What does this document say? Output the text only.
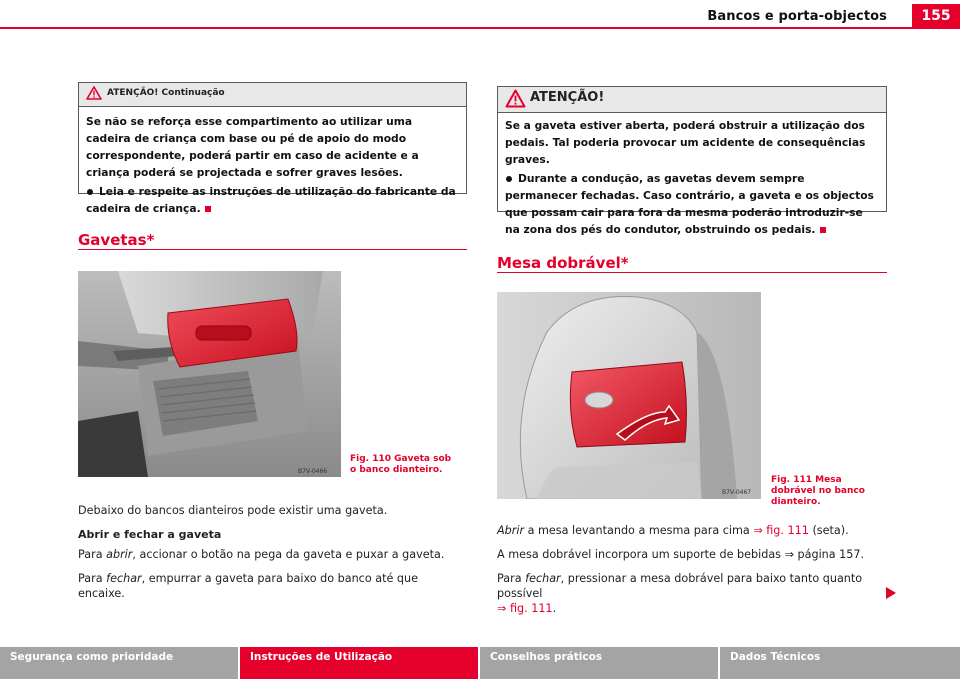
Bancos e porta-objectos	155
ATENÇÃO! Continuação

Se não se reforça esse compartimento ao utilizar uma cadeira de criança com base ou pé de apoio do modo correspondente, poderá partir em caso de acidente e a criança poderá se projectada e sofrer graves lesões.

Leia e respeite as instruções de utilização do fabricante da cadeira de criança.

Gavetas*
B7V-0466
Fig. 110 Gaveta sob o banco dianteiro.
Debaixo do bancos dianteiros pode existir uma gaveta.
Abrir e fechar a gaveta
Para abrir, accionar o botão na pega da gaveta e puxar a gaveta.
Para fechar, empurrar a gaveta para baixo do banco até que encaixe.
ATENÇÃO!

Se a gaveta estiver aberta, poderá obstruir a utilização dos pedais. Tal poderia provocar um acidente de consequências graves.

Durante a condução, as gavetas devem sempre permanecer fechadas. Caso contrário, a gaveta e os objectos que possam cair para fora da mesma poderão introduzir-se na zona dos pés do condutor, obstruindo os pedais.

Mesa dobrável*
B7V-0467
Fig. 111 Mesa dobrável no banco dianteiro.
Abrir a mesa levantando a mesma para cima ⇒ fig. 111 (seta).
A mesa dobrável incorpora um suporte de bebidas ⇒ página 157.
Para fechar, pressionar a mesa dobrável para baixo tanto quanto possível
⇒ fig. 111.
Segurança como prioridade	Instruções de Utilização	Conselhos práticos	Dados Técnicos
